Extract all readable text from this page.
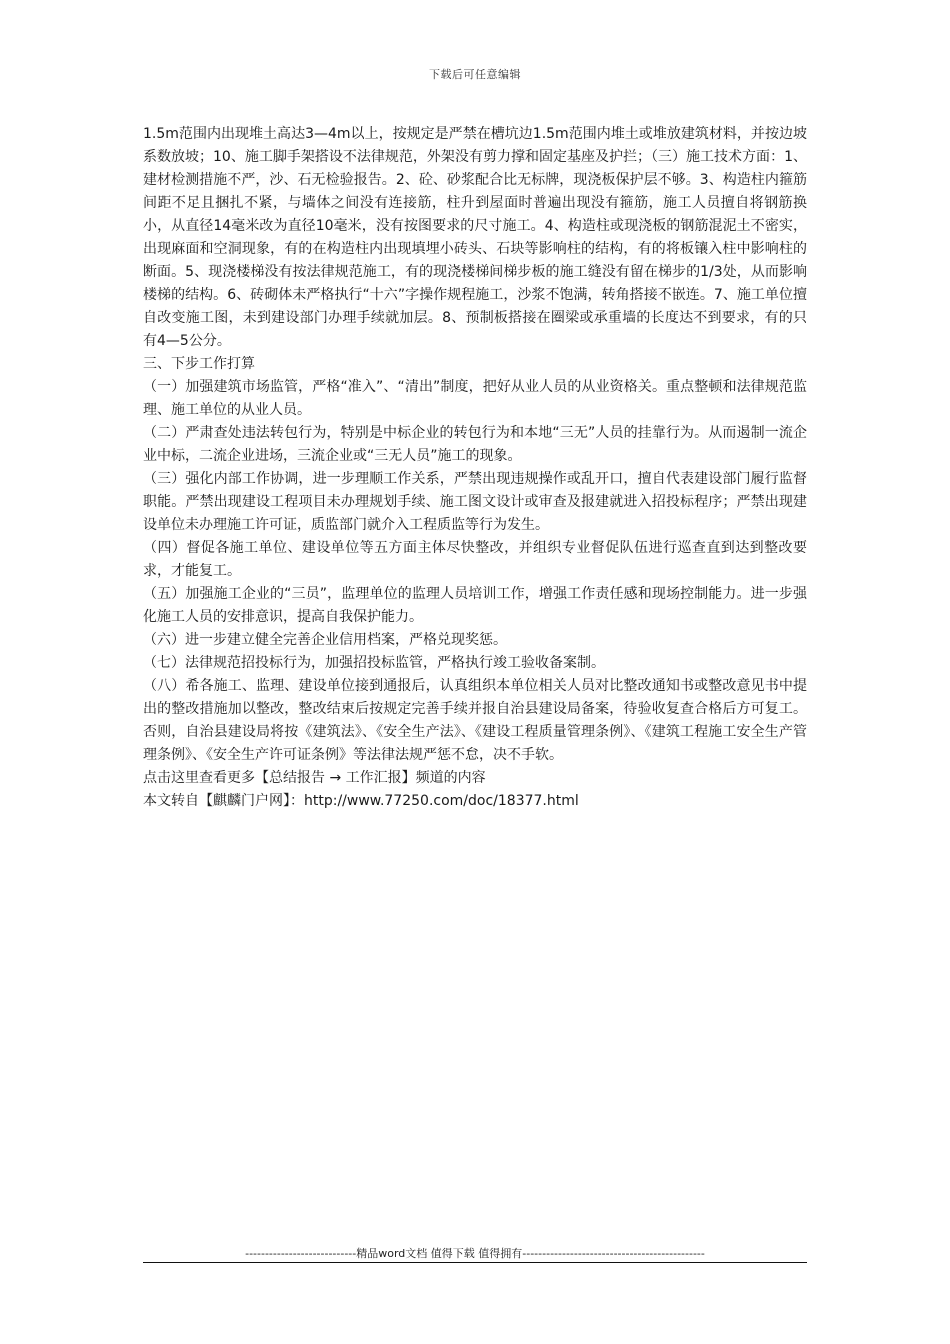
下载后可任意编辑

1.5m范围内出现堆土高达3—4m以上，按规定是严禁在槽坑边1.5m范围内堆土或堆放建筑材料，并按边坡系数放坡；10、施工脚手架搭设不法律规范，外架没有剪力撑和固定基座及护拦；（三）施工技术方面：1、建材检测措施不严，沙、石无检验报告。2、砼、砂浆配合比无标牌，现浇板保护层不够。3、构造柱内箍筋间距不足且捆扎不紧，与墙体之间没有连接筋，柱升到屋面时普遍出现没有箍筋，施工人员擅自将钢筋换小，从直径14毫米改为直径10毫米，没有按图要求的尺寸施工。4、构造柱或现浇板的钢筋混泥土不密实，出现麻面和空洞现象，有的在构造柱内出现填埋小砖头、石块等影响柱的结构，有的将板镶入柱中影响柱的断面。5、现浇楼梯没有按法律规范施工，有的现浇楼梯间梯步板的施工缝没有留在梯步的1/3处，从而影响楼梯的结构。6、砖砌体未严格执行“十六”字操作规程施工，沙浆不饱满，转角搭接不嵌连。7、施工单位擅自改变施工图，未到建设部门办理手续就加层。8、预制板搭接在圈梁或承重墙的长度达不到要求，有的只有4—5公分。

三、下步工作打算

（一）加强建筑市场监管，严格“准入”、“清出”制度，把好从业人员的从业资格关。重点整顿和法律规范监理、施工单位的从业人员。

（二）严肃查处违法转包行为，特别是中标企业的转包行为和本地“三无”人员的挂靠行为。从而遏制一流企业中标，二流企业进场，三流企业或“三无人员”施工的现象。

（三）强化内部工作协调，进一步理顺工作关系，严禁出现违规操作或乱开口，擅自代表建设部门履行监督职能。严禁出现建设工程项目未办理规划手续、施工图文设计或审查及报建就进入招投标程序；严禁出现建设单位未办理施工许可证，质监部门就介入工程质监等行为发生。

（四）督促各施工单位、建设单位等五方面主体尽快整改，并组织专业督促队伍进行巡查直到达到整改要求，才能复工。

（五）加强施工企业的“三员”，监理单位的监理人员培训工作，增强工作责任感和现场控制能力。进一步强化施工人员的安排意识，提高自我保护能力。

（六）进一步建立健全完善企业信用档案，严格兑现奖惩。

（七）法律规范招投标行为，加强招投标监管，严格执行竣工验收备案制。

（八）希各施工、监理、建设单位接到通报后，认真组织本单位相关人员对比整改通知书或整改意见书中提出的整改措施加以整改，整改结束后按规定完善手续并报自治县建设局备案，待验收复查合格后方可复工。否则，自治县建设局将按《建筑法》、《安全生产法》、《建设工程质量管理条例》、《建筑工程施工安全生产管理条例》、《安全生产许可证条例》等法律法规严惩不怠，决不手软。

点击这里查看更多【总结报告 → 工作汇报】频道的内容

本文转自【麒麟门户网】：http://www.77250.com/doc/18377.html

----------------------------精品word文档 值得下载 值得拥有----------------------------------------------
